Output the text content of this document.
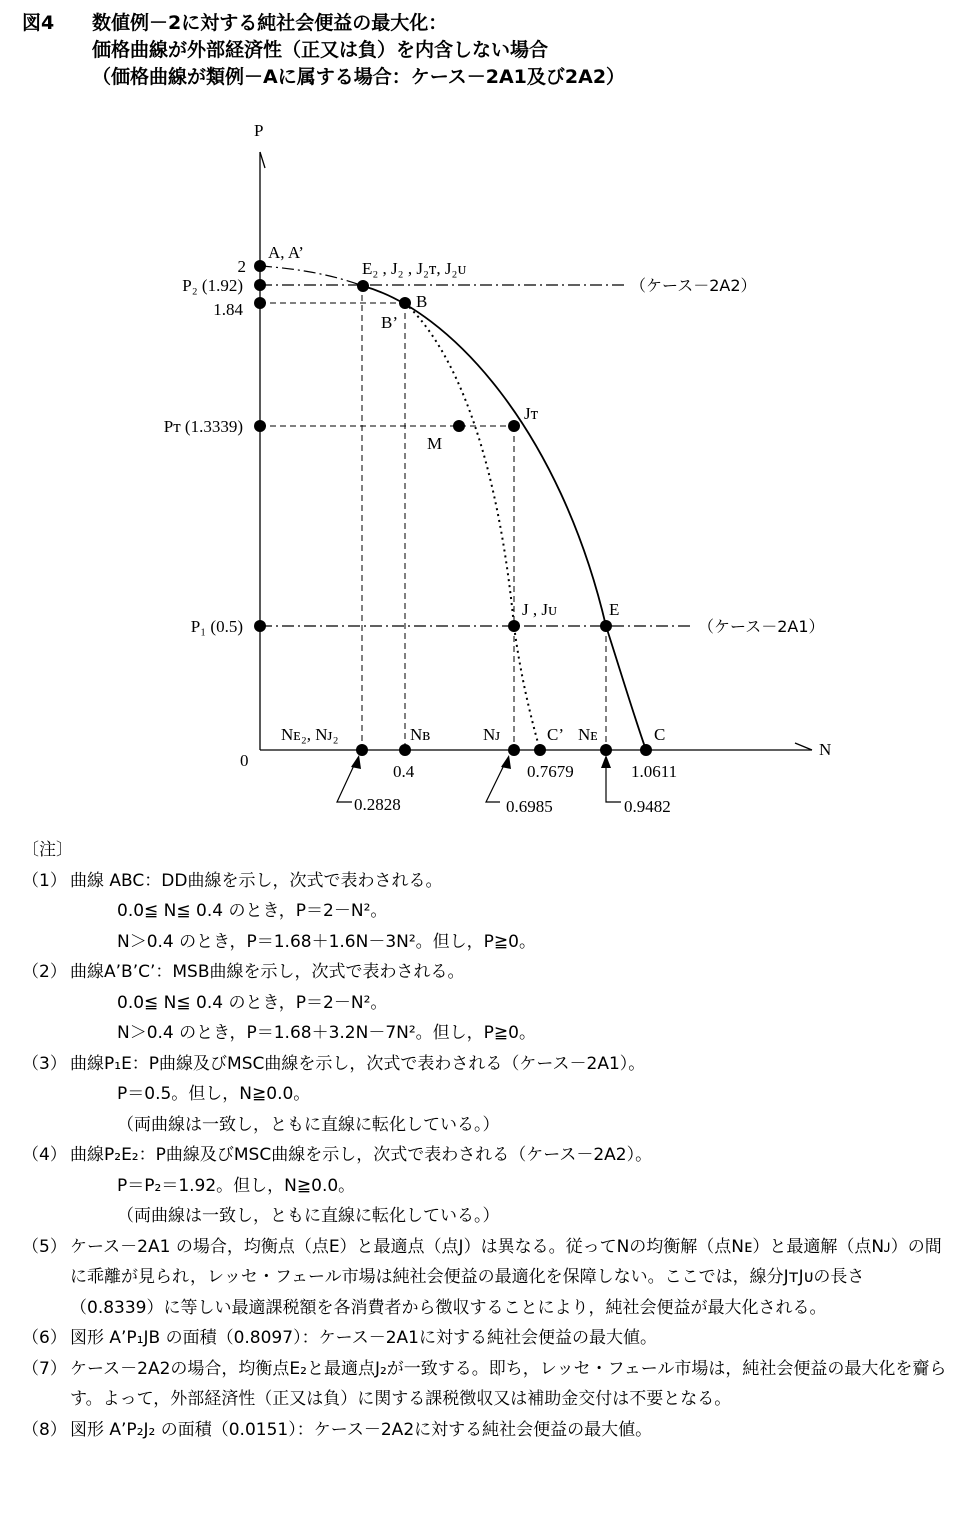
図4 数値例－2に対する純社会便益の最大化：
価格曲線が外部経済性（正又は負）を内含しない場合
（価格曲線が類例－Aに属する場合：ケース－2A1及び2A2）
P
N
0
2
P₂ (1.92)
1.84
Pᴛ (1.3339)
P₁ (0.5)
A, A’
E₂ , J₂ , J₂ᴛ, J₂ᴜ
B
B’
Jᴛ
M
J , Jᴜ	E
C’	C
Nᴇ₂, Nᴊ₂	Nʙ	Nᴊ	Nᴇ
0.4	0.7679	1.0611
0.2828	0.6985	0.9482
（ケース－2A2）
（ケース－2A1）
〔注〕
（1） 曲線 ABC：DD曲線を示し，次式で表わされる。
0.0≦ N≦ 0.4 のとき，P＝2－N²。
N＞0.4 のとき，P＝1.68＋1.6N－3N²。但し，P≧0。
（2） 曲線A’B’C’：MSB曲線を示し，次式で表わされる。
0.0≦ N≦ 0.4 のとき，P＝2－N²。
N＞0.4 のとき，P＝1.68＋3.2N－7N²。但し，P≧0。
（3） 曲線P₁E：P曲線及びMSC曲線を示し，次式で表わされる（ケース－2A1）。
P＝0.5。但し，N≧0.0。
（両曲線は一致し，ともに直線に転化している。）
（4） 曲線P₂E₂：P曲線及びMSC曲線を示し，次式で表わされる（ケース－2A2）。
P＝P₂＝1.92。但し，N≧0.0。
（両曲線は一致し，ともに直線に転化している。）
（5） ケース－2A1 の場合，均衡点（点E）と最適点（点J）は異なる。従ってNの均衡解（点Nᴇ）と最適解（点Nᴊ）の間に乖離が見られ，レッセ・フェール市場は純社会便益の最適化を保障しない。ここでは，線分JᴛJᴜの長さ（0.8339）に等しい最適課税額を各消費者から徴収することにより，純社会便益が最大化される。
（6） 図形 A’P₁JB の面積（0.8097）：ケース－2A1に対する純社会便益の最大値。
（7） ケース－2A2の場合，均衡点E₂と最適点J₂が一致する。即ち，レッセ・フェール市場は，純社会便益の最大化を齎らす。よって，外部経済性（正又は負）に関する課税徴収又は補助金交付は不要となる。
（8） 図形 A’P₂J₂ の面積（0.0151）：ケース－2A2に対する純社会便益の最大値。
